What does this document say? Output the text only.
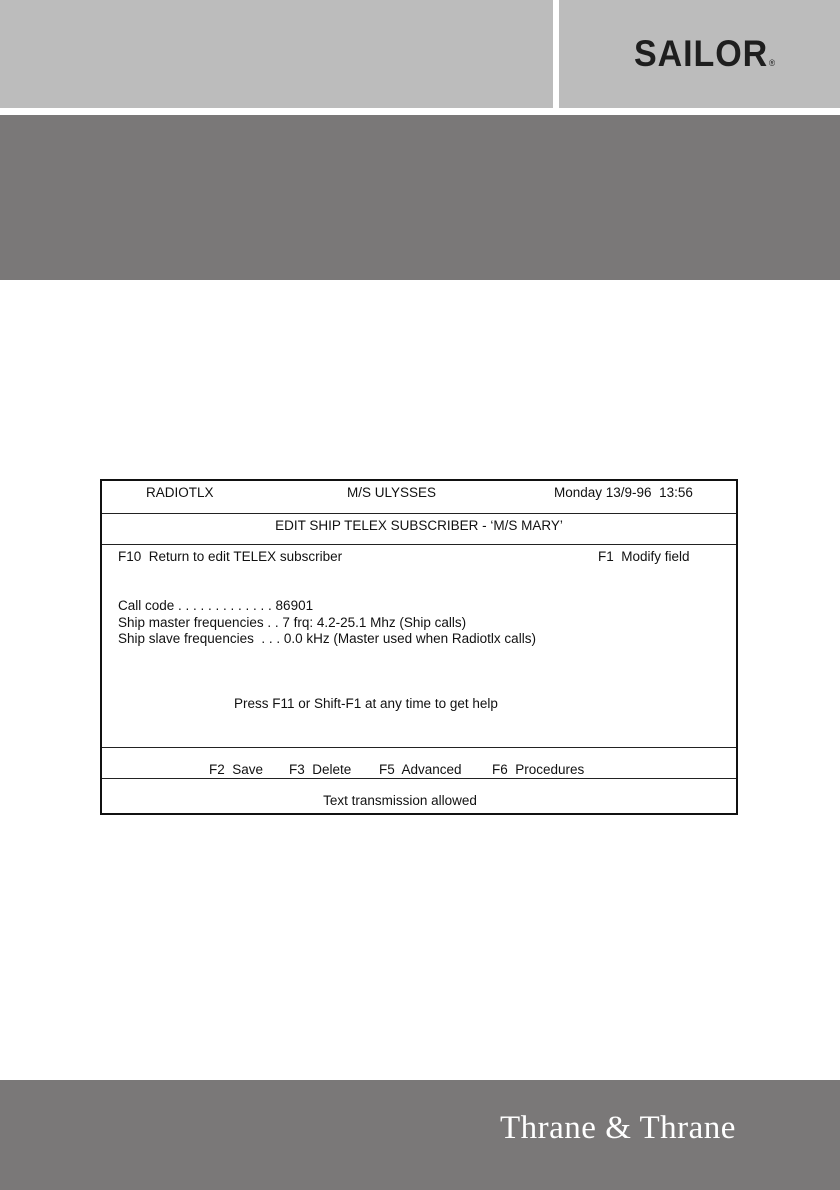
SAILOR®
RADIOTLX	M/S ULYSSES	Monday 13/9-96  13:56
EDIT SHIP TELEX SUBSCRIBER - ‘M/S MARY’
F10  Return to edit TELEX subscriber	F1  Modify field
Call code . . . . . . . . . . . . . 86901
Ship master frequencies . . 7 frq: 4.2-25.1 Mhz (Ship calls)
Ship slave frequencies  . . . 0.0 kHz (Master used when Radiotlx calls)
Press F11 or Shift-F1 at any time to get help
F2  Save F3  Delete F5  Advanced F6  Procedures
Text transmission allowed
Thrane & Thrane
